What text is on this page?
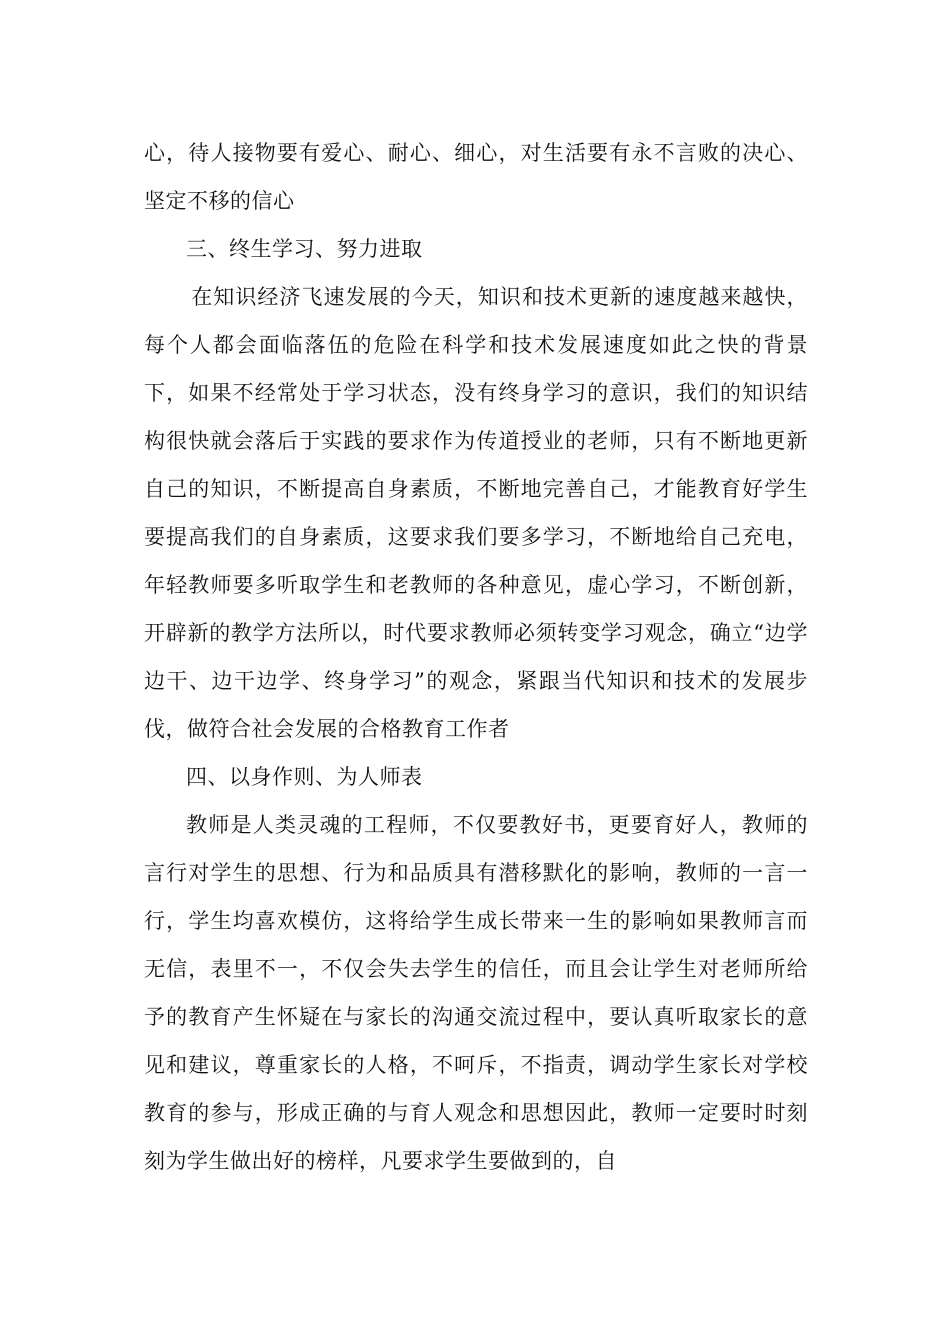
心，待人接物要有爱心、耐心、细心，对生活要有永不言败的决心、坚定不移的信心

三、终生学习、努力进取

在知识经济飞速发展的今天，知识和技术更新的速度越来越快，每个人都会面临落伍的危险在科学和技术发展速度如此之快的背景下，如果不经常处于学习状态，没有终身学习的意识，我们的知识结构很快就会落后于实践的要求作为传道授业的老师，只有不断地更新自己的知识，不断提高自身素质，不断地完善自己，才能教育好学生要提高我们的自身素质，这要求我们要多学习，不断地给自己充电，年轻教师要多听取学生和老教师的各种意见，虚心学习，不断创新，开辟新的教学方法所以，时代要求教师必须转变学习观念，确立“边学边干、边干边学、终身学习”的观念，紧跟当代知识和技术的发展步伐，做符合社会发展的合格教育工作者

四、以身作则、为人师表

教师是人类灵魂的工程师，不仅要教好书，更要育好人，教师的言行对学生的思想、行为和品质具有潜移默化的影响，教师的一言一行，学生均喜欢模仿，这将给学生成长带来一生的影响如果教师言而无信，表里不一，不仅会失去学生的信任，而且会让学生对老师所给予的教育产生怀疑在与家长的沟通交流过程中，要认真听取家长的意见和建议，尊重家长的人格，不呵斥，不指责，调动学生家长对学校教育的参与，形成正确的与育人观念和思想因此，教师一定要时时刻刻为学生做出好的榜样，凡要求学生要做到的，自
